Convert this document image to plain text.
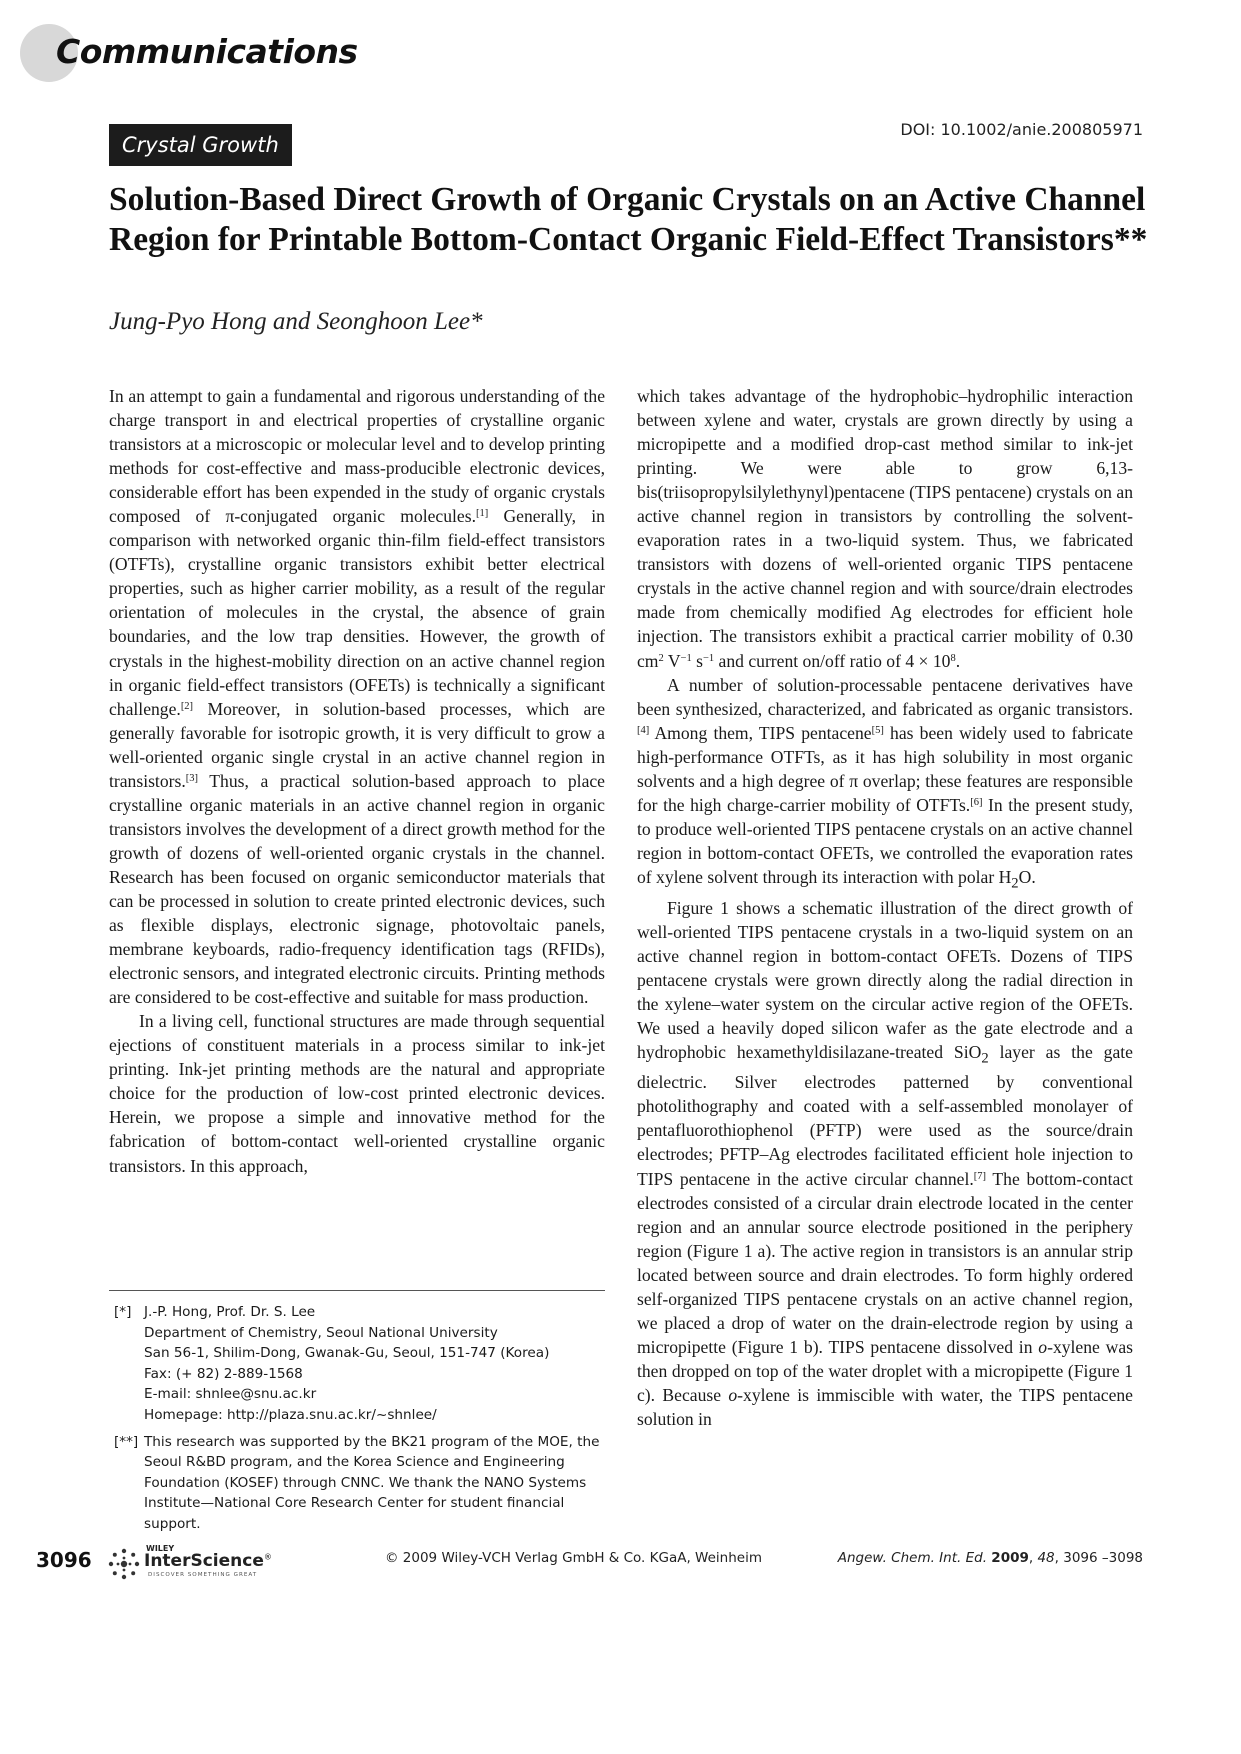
Communications
Crystal Growth
DOI: 10.1002/anie.200805971
Solution-Based Direct Growth of Organic Crystals on an Active Channel Region for Printable Bottom-Contact Organic Field-Effect Transistors**
Jung-Pyo Hong and Seonghoon Lee*

In an attempt to gain a fundamental and rigorous understanding of the charge transport in and electrical properties of crystalline organic transistors at a microscopic or molecular level and to develop printing methods for cost-effective and mass-producible electronic devices, considerable effort has been expended in the study of organic crystals composed of π-conjugated organic molecules.[1] Generally, in comparison with networked organic thin-film field-effect transistors (OTFTs), crystalline organic transistors exhibit better electrical properties, such as higher carrier mobility, as a result of the regular orientation of molecules in the crystal, the absence of grain boundaries, and the low trap densities. However, the growth of crystals in the highest-mobility direction on an active channel region in organic field-effect transistors (OFETs) is technically a significant challenge.[2] Moreover, in solution-based processes, which are generally favorable for isotropic growth, it is very difficult to grow a well-oriented organic single crystal in an active channel region in transistors.[3] Thus, a practical solution-based approach to place crystalline organic materials in an active channel region in organic transistors involves the development of a direct growth method for the growth of dozens of well-oriented organic crystals in the channel. Research has been focused on organic semiconductor materials that can be processed in solution to create printed electronic devices, such as flexible displays, electronic signage, photovoltaic panels, membrane keyboards, radio-frequency identification tags (RFIDs), electronic sensors, and integrated electronic circuits. Printing methods are considered to be cost-effective and suitable for mass production.

In a living cell, functional structures are made through sequential ejections of constituent materials in a process similar to ink-jet printing. Ink-jet printing methods are the natural and appropriate choice for the production of low-cost printed electronic devices. Herein, we propose a simple and innovative method for the fabrication of bottom-contact well-oriented crystalline organic transistors. In this approach,

which takes advantage of the hydrophobic–hydrophilic interaction between xylene and water, crystals are grown directly by using a micropipette and a modified drop-cast method similar to ink-jet printing. We were able to grow 6,13-bis(triisopropylsilylethynyl)pentacene (TIPS pentacene) crystals on an active channel region in transistors by controlling the solvent-evaporation rates in a two-liquid system. Thus, we fabricated transistors with dozens of well-oriented organic TIPS pentacene crystals in the active channel region and with source/drain electrodes made from chemically modified Ag electrodes for efficient hole injection. The transistors exhibit a practical carrier mobility of 0.30 $cm^2$ $V^{-1}$ $s^{-1}$ and current on/off ratio of $4 \times 10^8$.

A number of solution-processable pentacene derivatives have been synthesized, characterized, and fabricated as organic transistors.[4] Among them, TIPS pentacene[5] has been widely used to fabricate high-performance OTFTs, as it has high solubility in most organic solvents and a high degree of π overlap; these features are responsible for the high charge-carrier mobility of OTFTs.[6] In the present study, to produce well-oriented TIPS pentacene crystals on an active channel region in bottom-contact OFETs, we controlled the evaporation rates of xylene solvent through its interaction with polar $H_2O$.

Figure 1 shows a schematic illustration of the direct growth of well-oriented TIPS pentacene crystals in a two-liquid system on an active channel region in bottom-contact OFETs. Dozens of TIPS pentacene crystals were grown directly along the radial direction in the xylene–water system on the circular active region of the OFETs. We used a heavily doped silicon wafer as the gate electrode and a hydrophobic hexamethyldisilazane-treated SiO$_2$ layer as the gate dielectric. Silver electrodes patterned by conventional photolithography and coated with a self-assembled monolayer of pentafluorothiophenol (PFTP) were used as the source/drain electrodes; PFTP–Ag electrodes facilitated efficient hole injection to TIPS pentacene in the active circular channel.[7] The bottom-contact electrodes consisted of a circular drain electrode located in the center region and an annular source electrode positioned in the periphery region (Figure 1 a). The active region in transistors is an annular strip located between source and drain electrodes. To form highly ordered self-organized TIPS pentacene crystals on an active channel region, we placed a drop of water on the drain-electrode region by using a micropipette (Figure 1 b). TIPS pentacene dissolved in o-xylene was then dropped on top of the water droplet with a micropipette (Figure 1 c). Because o-xylene is immiscible with water, the TIPS pentacene solution in

[*] J.-P. Hong, Prof. Dr. S. Lee
Department of Chemistry, Seoul National University
San 56-1, Shilim-Dong, Gwanak-Gu, Seoul, 151-747 (Korea)
Fax: (+ 82) 2-889-1568
E-mail: shnlee@snu.ac.kr
Homepage: http://plaza.snu.ac.kr/~shnlee/
[**] This research was supported by the BK21 program of the MOE, the
Seoul R&BD program, and the Korea Science and Engineering
Foundation (KOSEF) through CNNC. We thank the NANO Systems
Institute—National Core Research Center for student financial
support.
3096	WILEY
InterScience®
DISCOVER SOMETHING GREAT
© 2009 Wiley-VCH Verlag GmbH & Co. KGaA, Weinheim	Angew. Chem. Int. Ed. 2009, 48, 3096 –3098
